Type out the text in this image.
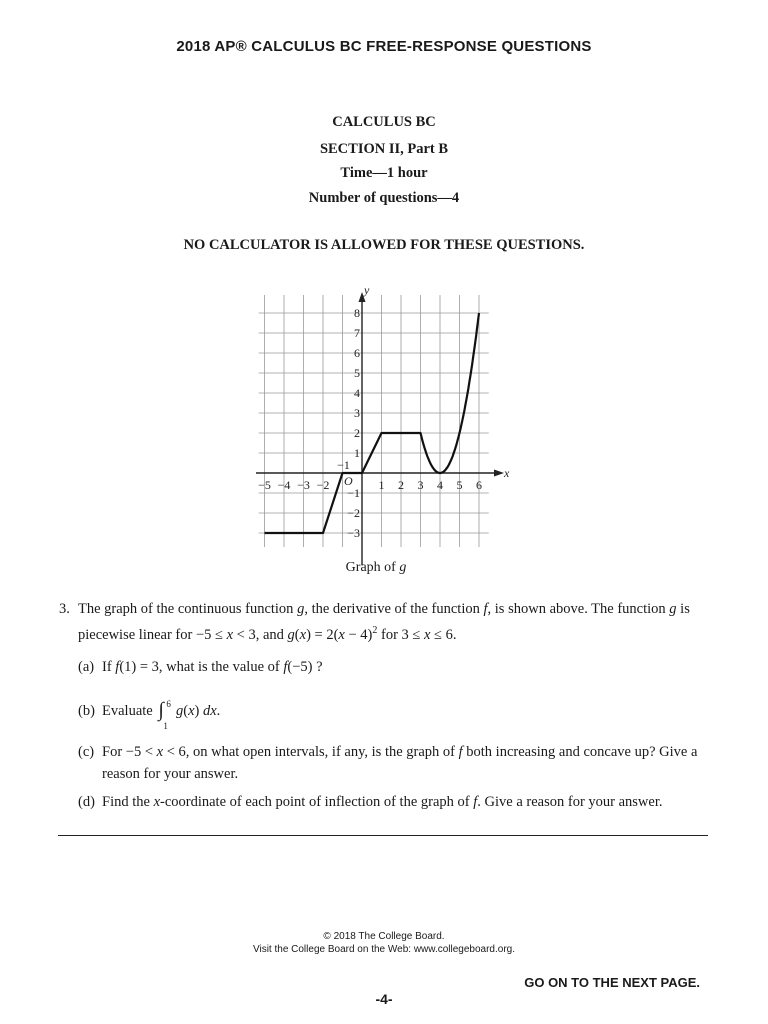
2018 AP® CALCULUS BC FREE-RESPONSE QUESTIONS
CALCULUS BC
SECTION II, Part B
Time—1 hour
Number of questions—4
NO CALCULATOR IS ALLOWED FOR THESE QUESTIONS.
x
y
O
−5 −4 −3 −2
−1
1 2 3 4 5 6
−3
−2
−1
1
2
3
4
5
6
7
8
Graph of g
3. The graph of the continuous function g, the derivative of the function f, is shown above. The function g is
piecewise linear for −5 ≤ x < 3, and $g(x) = 2(x - 4)^2$ for 3 ≤ x ≤ 6.
(a) If f(1) = 3, what is the value of f(−5) ?
(b) Evaluate ∫ 6
1
g(x) dx.
(c) For −5 < x < 6, on what open intervals, if any, is the graph of f both increasing and concave up? Give a reason for your answer.
(d) Find the x-coordinate of each point of inflection of the graph of f. Give a reason for your answer.
© 2018 The College Board.
Visit the College Board on the Web: www.collegeboard.org.
GO ON TO THE NEXT PAGE.
-4-
